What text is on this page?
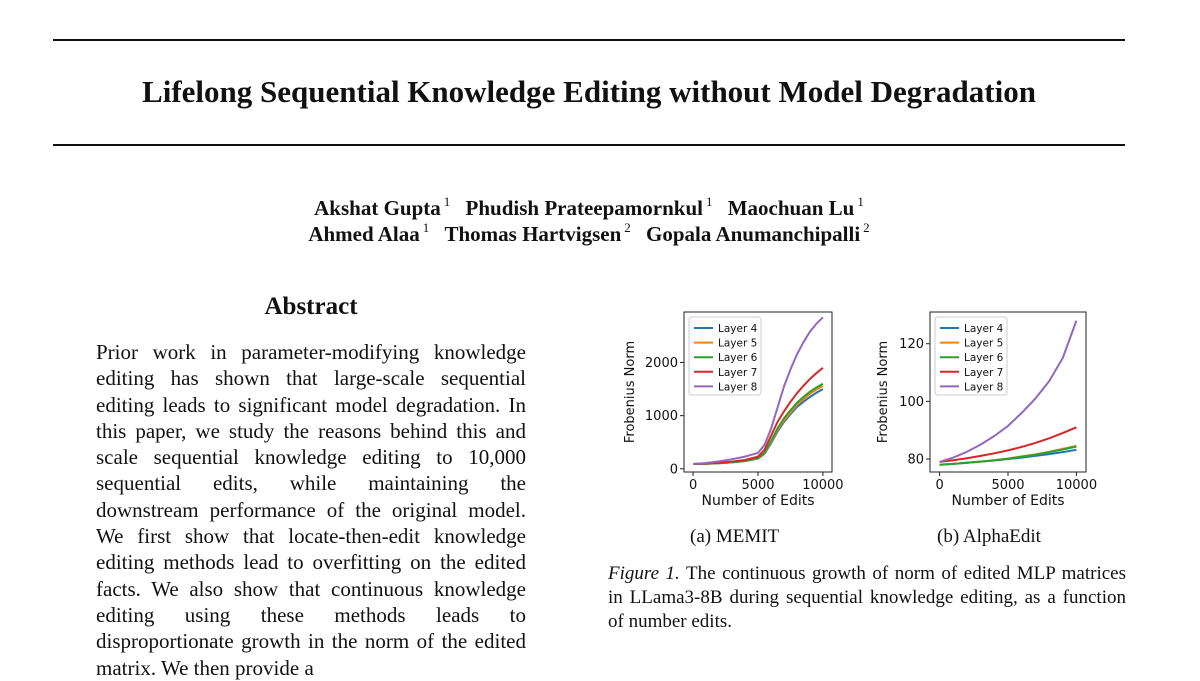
Lifelong Sequential Knowledge Editing without Model Degradation
Akshat Gupta $^1$ Phudish Prateepamornkul $^1$ Maochuan Lu $^1$
Ahmed Alaa $^1$ Thomas Hartvigsen $^2$ Gopala Anumanchipalli $^2$
Abstract
Prior work in parameter-modifying knowledge editing has shown that large-scale sequential editing leads to significant model degradation. In this paper, we study the reasons behind this and scale sequential knowledge editing to 10,000 sequential edits, while maintaining the downstream performance of the original model. We first show that locate-then-edit knowledge editing methods lead to overfitting on the edited facts. We also show that continuous knowledge editing using these methods leads to disproportionate growth in the norm of the edited matrix. We then provide a
0	5000 10000
0
1000
2000
Number of Edits
Frobenius Norm
Layer 4
Layer 5
Layer 6
Layer 7
Layer 8
0	5000 10000
80
100
120
Number of Edits
Frobenius Norm
Layer 4
Layer 5
Layer 6
Layer 7
Layer 8
(a) MEMIT	(b) AlphaEdit
Figure 1. The continuous growth of norm of edited MLP matrices in LLama3-8B during sequential knowledge editing, as a function of number edits.
